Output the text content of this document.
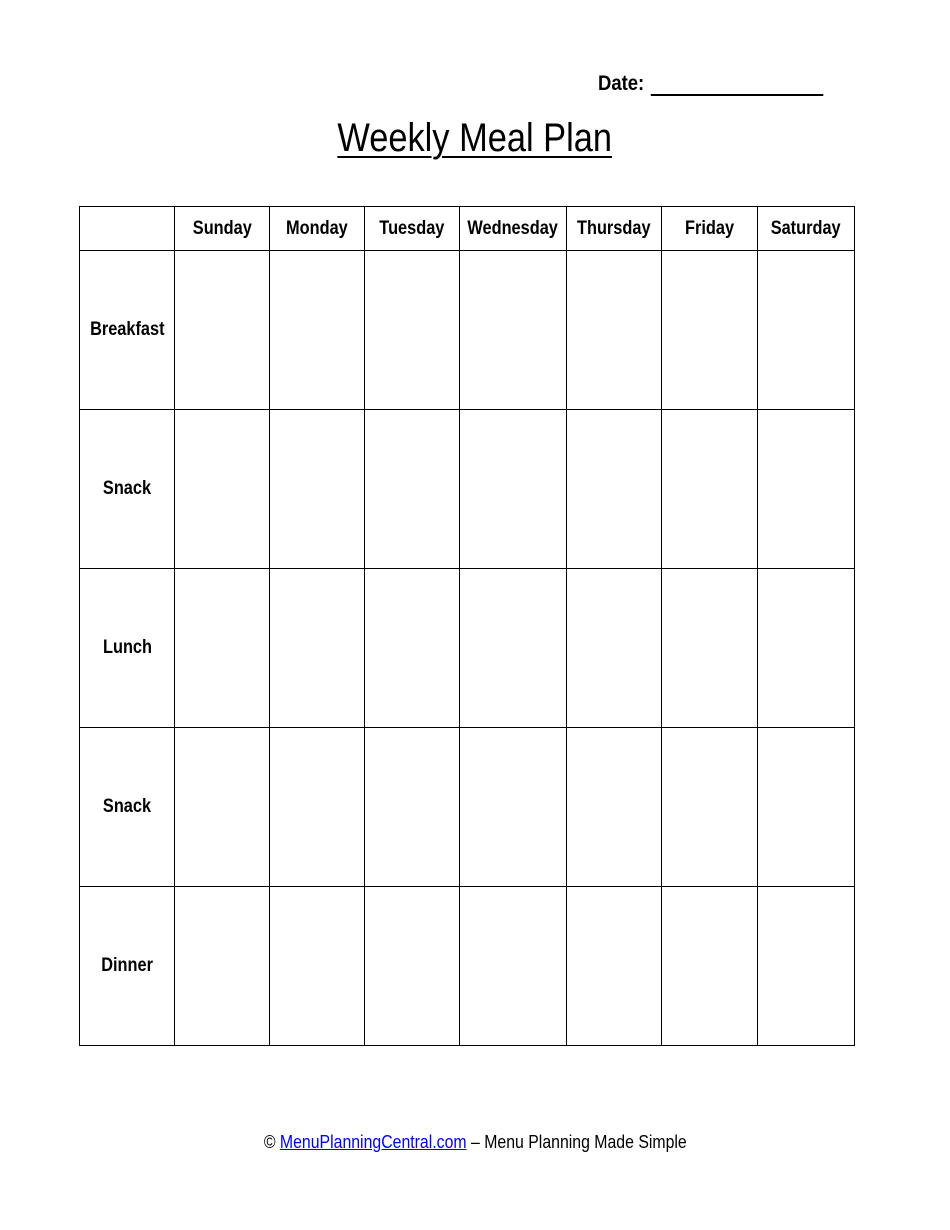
Date:
Weekly Meal Plan
	Sunday	Monday	Tuesday	Wednesday	Thursday	Friday	Saturday
Breakfast							
Snack							
Lunch							
Snack							
Dinner							
© MenuPlanningCentral.com – Menu Planning Made Simple
